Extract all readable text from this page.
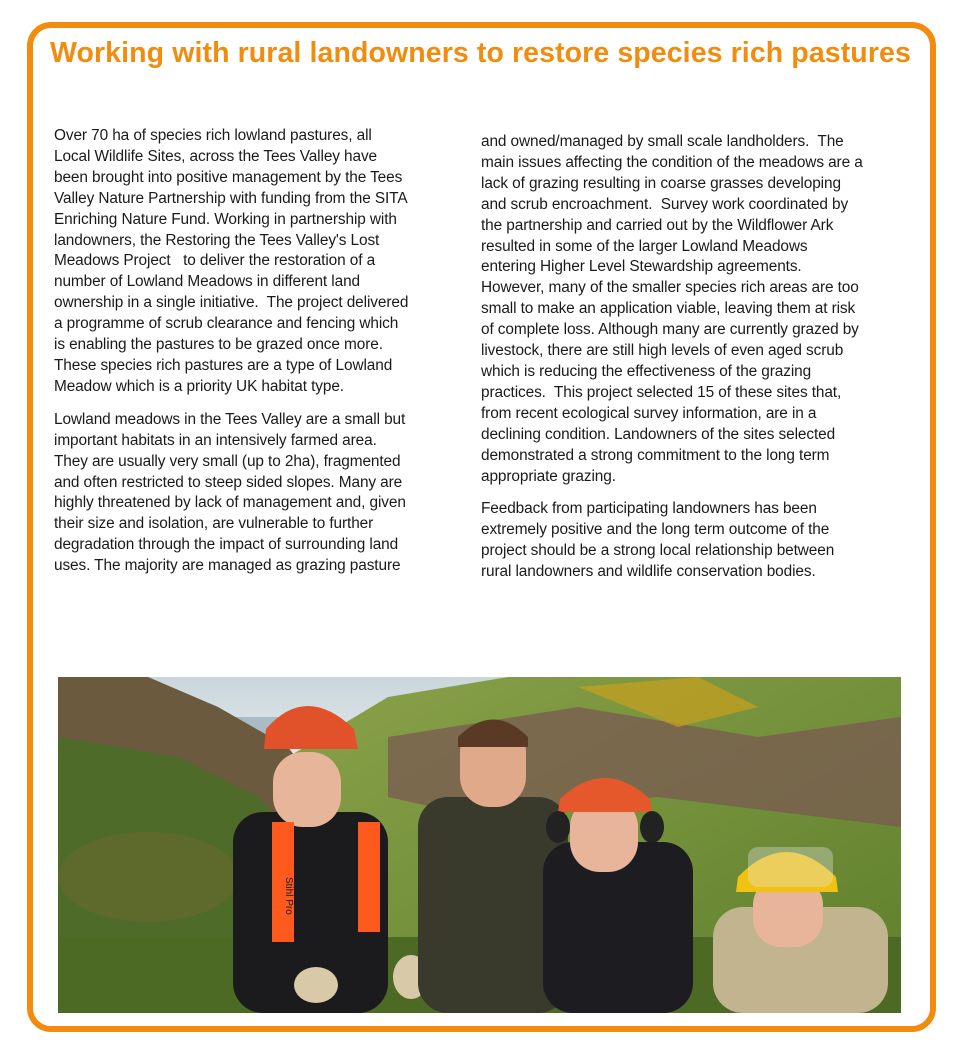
Working with rural landowners to restore species rich pastures

Over 70 ha of species rich lowland pastures, all
Local Wildlife Sites, across the Tees Valley have
been brought into positive management by the Tees
Valley Nature Partnership with funding from the SITA
Enriching Nature Fund. Working in partnership with
landowners, the Restoring the Tees Valley's Lost
Meadows Project   to deliver the restoration of a
number of Lowland Meadows in different land
ownership in a single initiative.  The project delivered
a programme of scrub clearance and fencing which
is enabling the pastures to be grazed once more.
These species rich pastures are a type of Lowland
Meadow which is a priority UK habitat type.

Lowland meadows in the Tees Valley are a small but
important habitats in an intensively farmed area.
They are usually very small (up to 2ha), fragmented
and often restricted to steep sided slopes. Many are
highly threatened by lack of management and, given
their size and isolation, are vulnerable to further
degradation through the impact of surrounding land
uses. The majority are managed as grazing pasture

and owned/managed by small scale landholders.  The
main issues affecting the condition of the meadows are a
lack of grazing resulting in coarse grasses developing
and scrub encroachment.  Survey work coordinated by
the partnership and carried out by the Wildflower Ark
resulted in some of the larger Lowland Meadows
entering Higher Level Stewardship agreements.
However, many of the smaller species rich areas are too
small to make an application viable, leaving them at risk
of complete loss. Although many are currently grazed by
livestock, there are still high levels of even aged scrub
which is reducing the effectiveness of the grazing
practices.  This project selected 15 of these sites that,
from recent ecological survey information, are in a
declining condition. Landowners of the sites selected
demonstrated a strong commitment to the long term
appropriate grazing.

Feedback from participating landowners has been
extremely positive and the long term outcome of the
project should be a strong local relationship between
rural landowners and wildlife conservation bodies.

Stihl Pro
